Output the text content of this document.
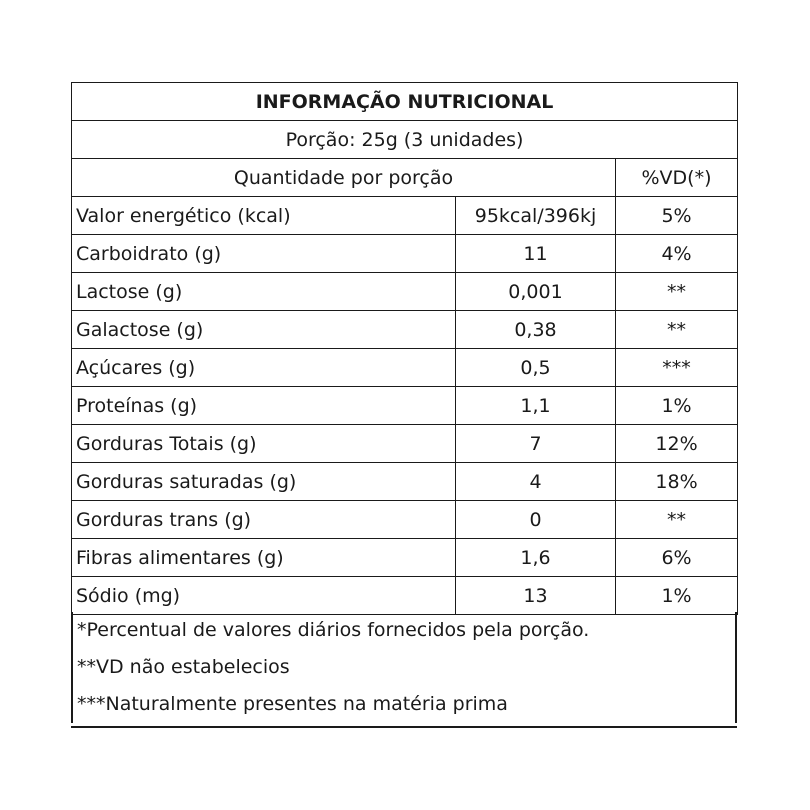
INFORMAÇÃO NUTRICIONAL		
Porção: 25g (3 unidades)		
Quantidade por porção		%VD(*)
Valor energético (kcal)	95kcal/396kj	5%
Carboidrato (g)	11	4%
Lactose (g)	0,001	**
Galactose (g)	0,38	**
Açúcares (g)	0,5	***
Proteínas (g)	1,1	1%
Gorduras Totais (g)	7	12%
Gorduras saturadas (g)	4	18%
Gorduras trans (g)	0	**
Fibras alimentares (g)	1,6	6%
Sódio (mg)	13	1%
*Percentual de valores diários fornecidos pela porção.
**VD não estabelecios
***Naturalmente presentes na matéria prima
